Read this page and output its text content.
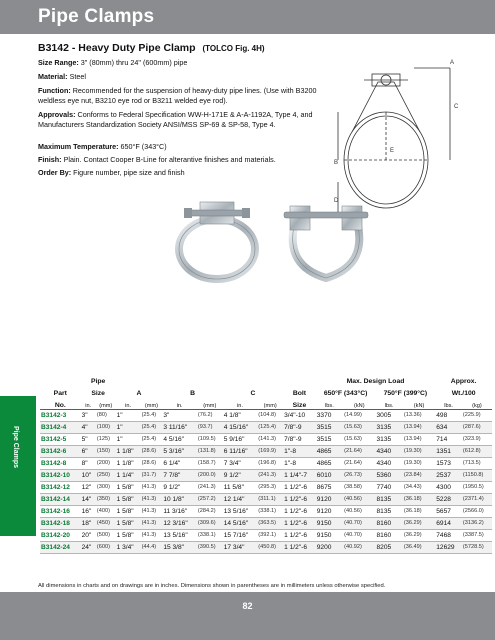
Pipe Clamps
Pipe Clamps
B3142 - Heavy Duty Pipe Clamp (TOLCO Fig. 4H)
Size Range: 3" (80mm) thru 24" (600mm) pipe
Material: Steel
Function: Recommended for the suspension of heavy-duty pipe lines. (Use with B3200 weldless eye nut, B3210 eye rod or B3211 welded eye rod).
Approvals: Conforms to Federal Specification WW-H-171E & A-A-1192A, Type 4, and Manufacturers Standardization Society ANSI/MSS SP-69 & SP-58, Type 4.
Maximum Temperature: 650°F (343°C)
Finish: Plain. Contact Cooper B-Line for alterantive finishes and materials.
Order By: Figure number, pipe size and finish
A
C
B
D
E
	Pipe									Max. Design Load				Approx.	
Part	Size		A		B		C		Bolt	650°F (343°C)		750°F (399°C)		Wt./100	
No.	in.	(mm)	in.	(mm)	in.	(mm)	in.	(mm)	Size	lbs.	(kN)	lbs.	(kN)	lbs.	(kg)
B3142-3	3"	(80)	1"	(25.4)	3"	(76.2)	4 1/8"	(104.8)	3/4"-10	3370	(14.99)	3005	(13.36)	498	(225.9)
B3142-4	4"	(100)	1"	(25.4)	3 11/16"	(93.7)	4 15/16"	(125.4)	7/8"-9	3515	(15.63)	3135	(13.94)	634	(287.6)
B3142-5	5"	(125)	1"	(25.4)	4 5/16"	(109.5)	5 9/16"	(141.3)	7/8"-9	3515	(15.63)	3135	(13.94)	714	(323.9)
B3142-6	6"	(150)	1 1/8"	(28.6)	5 3/16"	(131.8)	6 11/16"	(169.9)	1"-8	4865	(21.64)	4340	(19.30)	1351	(612.8)
B3142-8	8"	(200)	1 1/8"	(28.6)	6 1/4"	(158.7)	7 3/4"	(196.8)	1"-8	4865	(21.64)	4340	(19.30)	1573	(713.5)
B3142-10	10"	(250)	1 1/4"	(31.7)	7 7/8"	(200.0)	9 1/2"	(241.3)	1 1/4"-7	6010	(26.73)	5360	(23.84)	2537	(1150.8)
B3142-12	12"	(300)	1 5/8"	(41.3)	9 1/2"	(241.3)	11 5/8"	(295.3)	1 1/2"-6	8675	(38.58)	7740	(34.43)	4300	(1950.5)
B3142-14	14"	(350)	1 5/8"	(41.3)	10 1/8"	(257.2)	12 1/4"	(311.1)	1 1/2"-6	9120	(40.56)	8135	(36.18)	5228	(2371.4)
B3142-16	16"	(400)	1 5/8"	(41.3)	11 3/16"	(284.2)	13 5/16"	(338.1)	1 1/2"-6	9120	(40.56)	8135	(36.18)	5657	(2566.0)
B3142-18	18"	(450)	1 5/8"	(41.3)	12 3/16"	(309.6)	14 5/16"	(363.5)	1 1/2"-6	9150	(40.70)	8160	(36.29)	6914	(3136.2)
B3142-20	20"	(500)	1 5/8"	(41.3)	13 5/16"	(338.1)	15 7/16"	(392.1)	1 1/2"-6	9150	(40.70)	8160	(36.29)	7468	(3387.5)
B3142-24	24"	(600)	1 3/4"	(44.4)	15 3/8"	(390.5)	17 3/4"	(450.8)	1 1/2"-6	9200	(40.92)	8205	(36.49)	12629	(5728.5)
All dimensions in charts and on drawings are in inches. Dimensions shown in parentheses are in millimeters unless otherwise specified.
82
